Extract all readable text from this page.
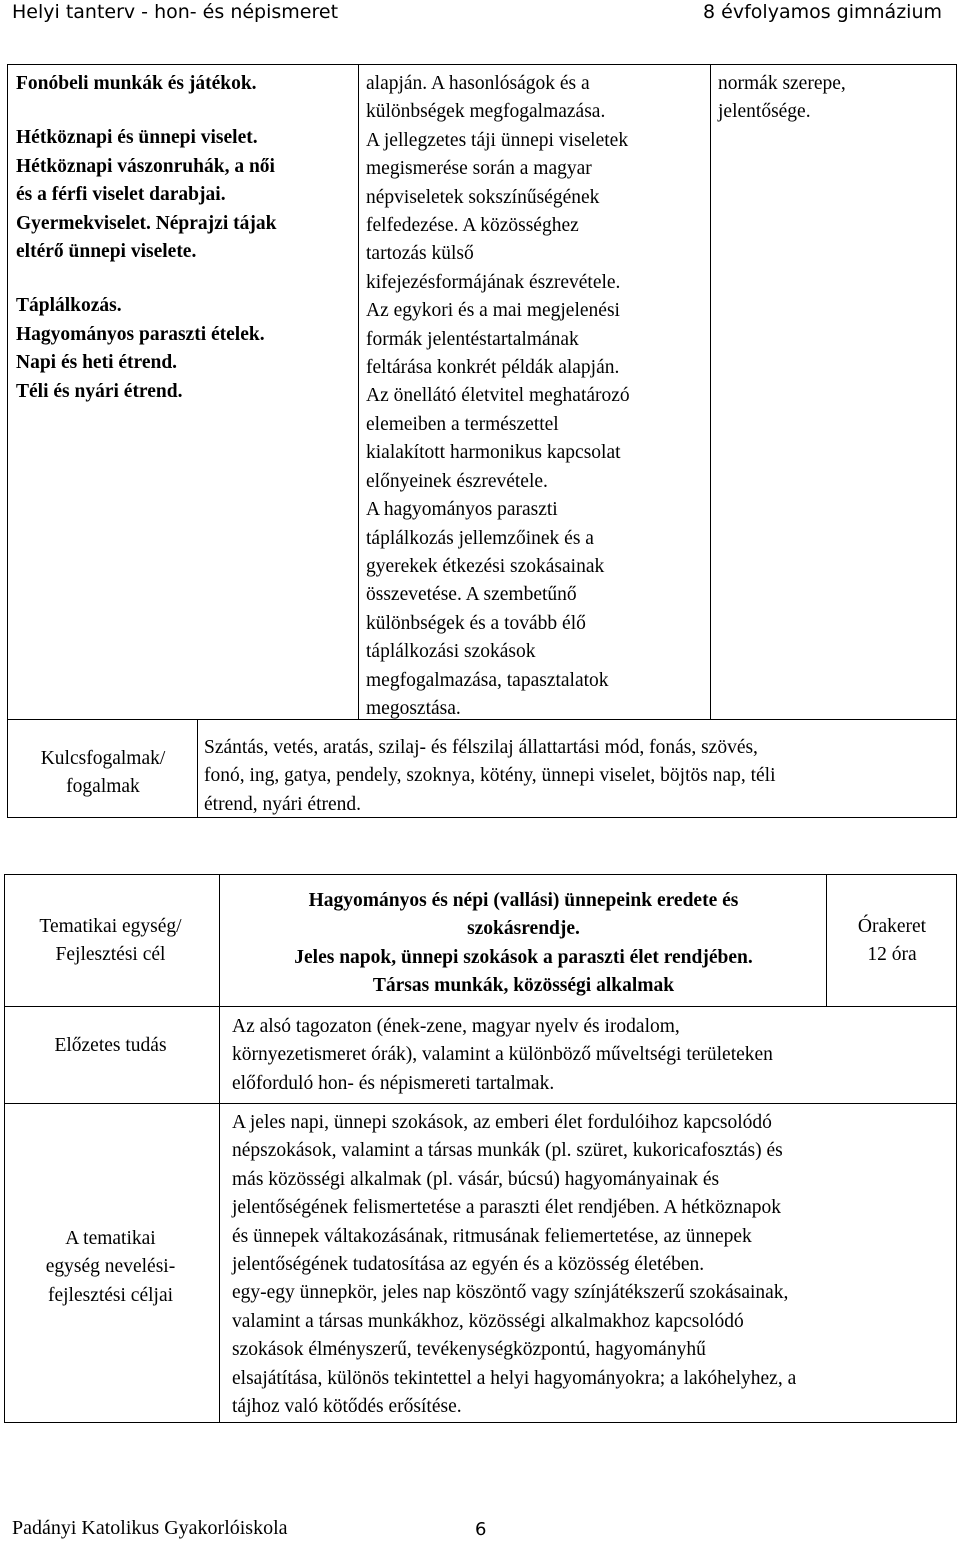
Helyi tanterv - hon- és népismeret	8 évfolyamos gimnázium
Fonóbeli munkák és játékok.
Hétköznapi és ünnepi viselet.
Hétköznapi vászonruhák, a női
és a férfi viselet darabjai.
Gyermekviselet. Néprajzi tájak
eltérő ünnepi viselete.
Táplálkozás.
Hagyományos paraszti ételek.
Napi és heti étrend.
Téli és nyári étrend.
alapján. A hasonlóságok és a
különbségek megfogalmazása.
A jellegzetes táji ünnepi viseletek
megismerése során a magyar
népviseletek sokszínűségének
felfedezése. A közösséghez
tartozás külső
kifejezésformájának észrevétele.
Az egykori és a mai megjelenési
formák jelentéstartalmának
feltárása konkrét példák alapján.
Az önellátó életvitel meghatározó
elemeiben a természettel
kialakított harmonikus kapcsolat
előnyeinek észrevétele.
A hagyományos paraszti
táplálkozás jellemzőinek és a
gyerekek étkezési szokásainak
összevetése. A szembetűnő
különbségek és a tovább élő
táplálkozási szokások
megfogalmazása, tapasztalatok
megosztása.
normák szerepe,
jelentősége.
Kulcsfogalmak/
fogalmak
Szántás, vetés, aratás, szilaj- és félszilaj állattartási mód, fonás, szövés,
fonó, ing, gatya, pendely, szoknya, kötény, ünnepi viselet, böjtös nap, téli
étrend, nyári étrend.
Tematikai egység/
Fejlesztési cél
Hagyományos és népi (vallási) ünnepeink eredete és
szokásrendje.
Jeles napok, ünnepi szokások a paraszti élet rendjében.
Társas munkák, közösségi alkalmak
Órakeret
12 óra
Előzetes tudás
Az alsó tagozaton (ének-zene, magyar nyelv és irodalom,
környezetismeret órák), valamint a különböző műveltségi területeken
előforduló hon- és népismereti tartalmak.
A tematikai
egység nevelési-
fejlesztési céljai
A jeles napi, ünnepi szokások, az emberi élet fordulóihoz kapcsolódó
népszokások, valamint a társas munkák (pl. szüret, kukoricafosztás) és
más közösségi alkalmak (pl. vásár, búcsú) hagyományainak és
jelentőségének felismertetése a paraszti élet rendjében. A hétköznapok
és ünnepek váltakozásának, ritmusának feliemertetése, az ünnepek
jelentőségének tudatosítása az egyén és a közösség életében.
egy-egy ünnepkör, jeles nap köszöntő vagy színjátékszerű szokásainak,
valamint a társas munkákhoz, közösségi alkalmakhoz kapcsolódó
szokások élményszerű, tevékenységközpontú, hagyományhű
elsajátítása, különös tekintettel a helyi hagyományokra; a lakóhelyhez, a
tájhoz való kötődés erősítése.
Padányi Katolikus Gyakorlóiskola	6
